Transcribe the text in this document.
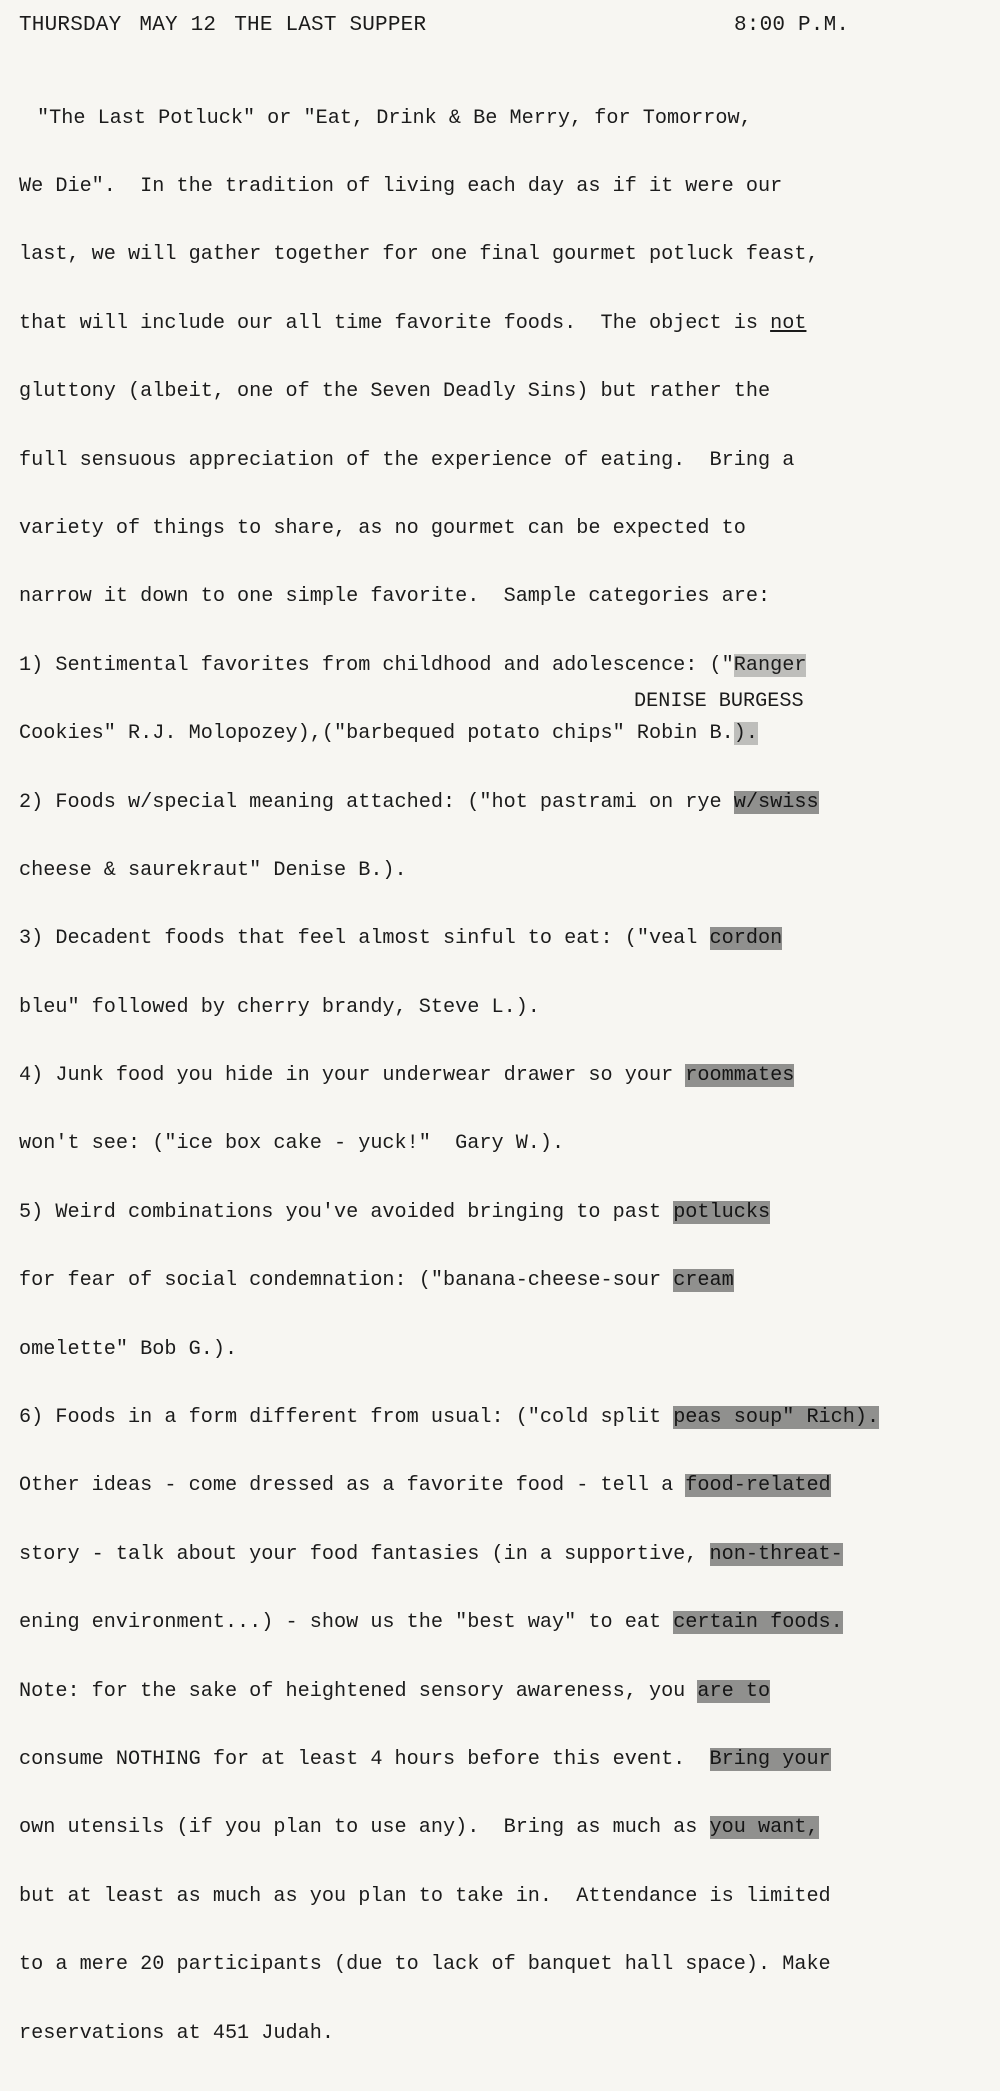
THURSDAY MAY 12 THE LAST SUPPER	8:00 P.M.

"The Last Potluck" or "Eat, Drink & Be Merry, for Tomorrow,

We Die".  In the tradition of living each day as if it were our

last, we will gather together for one final gourmet potluck feast,

that will include our all time favorite foods.  The object is not

gluttony (albeit, one of the Seven Deadly Sins) but rather the

full sensuous appreciation of the experience of eating.  Bring a

variety of things to share, as no gourmet can be expected to

narrow it down to one simple favorite.  Sample categories are:

1) Sentimental favorites from childhood and adolescence: ("Ranger

Cookies" R.J. Molopozey),("barbequed potato chips" Robin B.).

2) Foods w/special meaning attached: ("hot pastrami on rye w/swiss

cheese & saurekraut" Denise B.).

3) Decadent foods that feel almost sinful to eat: ("veal cordon

bleu" followed by cherry brandy, Steve L.).

4) Junk food you hide in your underwear drawer so your roommates

won't see: ("ice box cake - yuck!"  Gary W.).

5) Weird combinations you've avoided bringing to past potlucks

for fear of social condemnation: ("banana-cheese-sour cream

omelette" Bob G.).

6) Foods in a form different from usual: ("cold split peas soup" Rich).

Other ideas - come dressed as a favorite food - tell a food-related

story - talk about your food fantasies (in a supportive, non-threat-

ening environment...) - show us the "best way" to eat certain foods.

Note: for the sake of heightened sensory awareness, you are to

consume NOTHING for at least 4 hours before this event.  Bring your

own utensils (if you plan to use any).  Bring as much as you want,

but at least as much as you plan to take in.  Attendance is limited

to a mere 20 participants (due to lack of banquet hall space). Make

reservations at 451 Judah.

DENISE BURGESS
